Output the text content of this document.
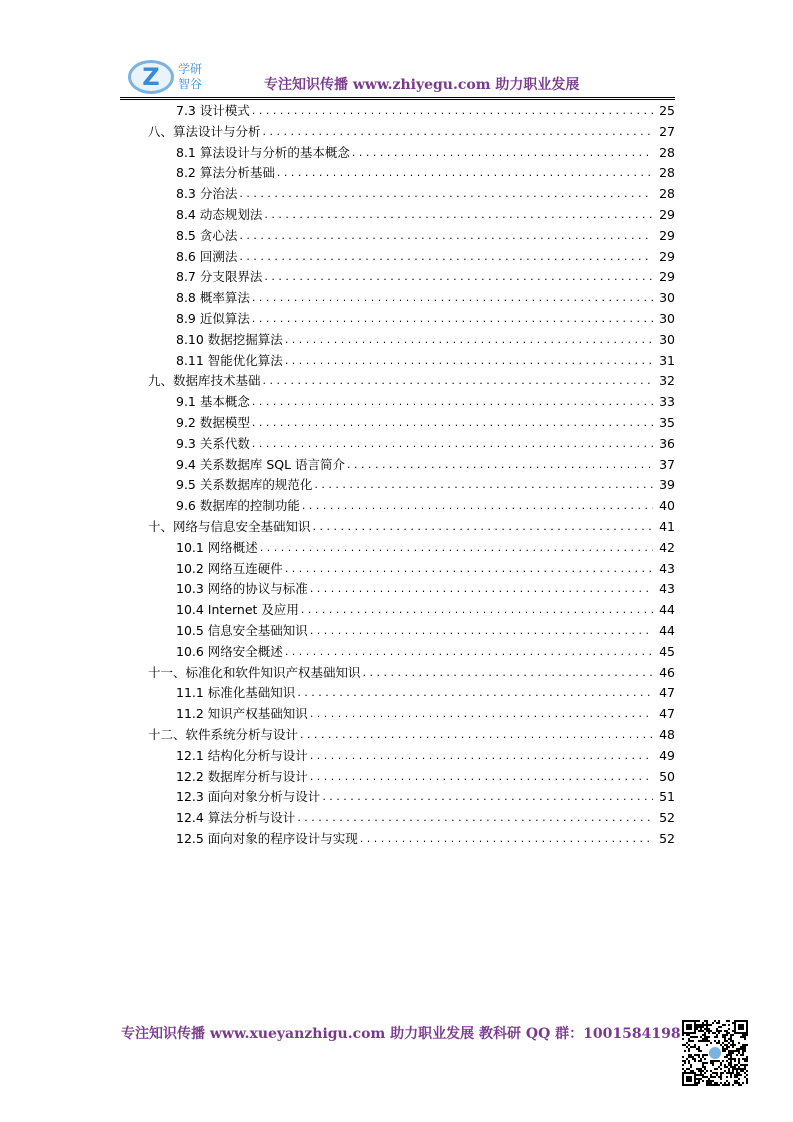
Z	学研
智谷	专注知识传播 www.zhiyegu.com 助力职业发展
7.3 设计模式 . . .	25
八、算法设计与分析 . . .	27
8.1 算法设计与分析的基本概念 . . .	28
8.2 算法分析基础 . . .	28
8.3 分治法 . . .	28
8.4 动态规划法 . . .	29
8.5 贪心法 . . .	29
8.6 回溯法 . . .	29
8.7 分支限界法 . . .	29
8.8 概率算法 . . .	30
8.9 近似算法 . . .	30
8.10 数据挖掘算法 . . .	30
8.11 智能优化算法 . . .	31
九、数据库技术基础 . . .	32
9.1 基本概念 . . .	33
9.2 数据模型 . . .	35
9.3 关系代数 . . .	36
9.4 关系数据库 SQL 语言简介 . . .	37
9.5 关系数据库的规范化 . . .	39
9.6 数据库的控制功能 . . .	40
十、网络与信息安全基础知识 . . .	41
10.1 网络概述 . . .	42
10.2 网络互连硬件 . . .	43
10.3 网络的协议与标准 . . .	43
10.4 Internet 及应用 . . .	44
10.5 信息安全基础知识 . . .	44
10.6 网络安全概述 . . .	45
十一、标准化和软件知识产权基础知识 . . .	46
11.1 标准化基础知识 . . .	47
11.2 知识产权基础知识 . . .	47
十二、软件系统分析与设计 . . .	48
12.1 结构化分析与设计 . . .	49
12.2 数据库分析与设计 . . .	50
12.3 面向对象分析与设计 . . .	51
12.4 算法分析与设计 . . .	52
12.5 面向对象的程序设计与实现 . . .	52
专注知识传播 www.xueyanzhigu.com 助力职业发展 教科研 QQ 群：1001584198
